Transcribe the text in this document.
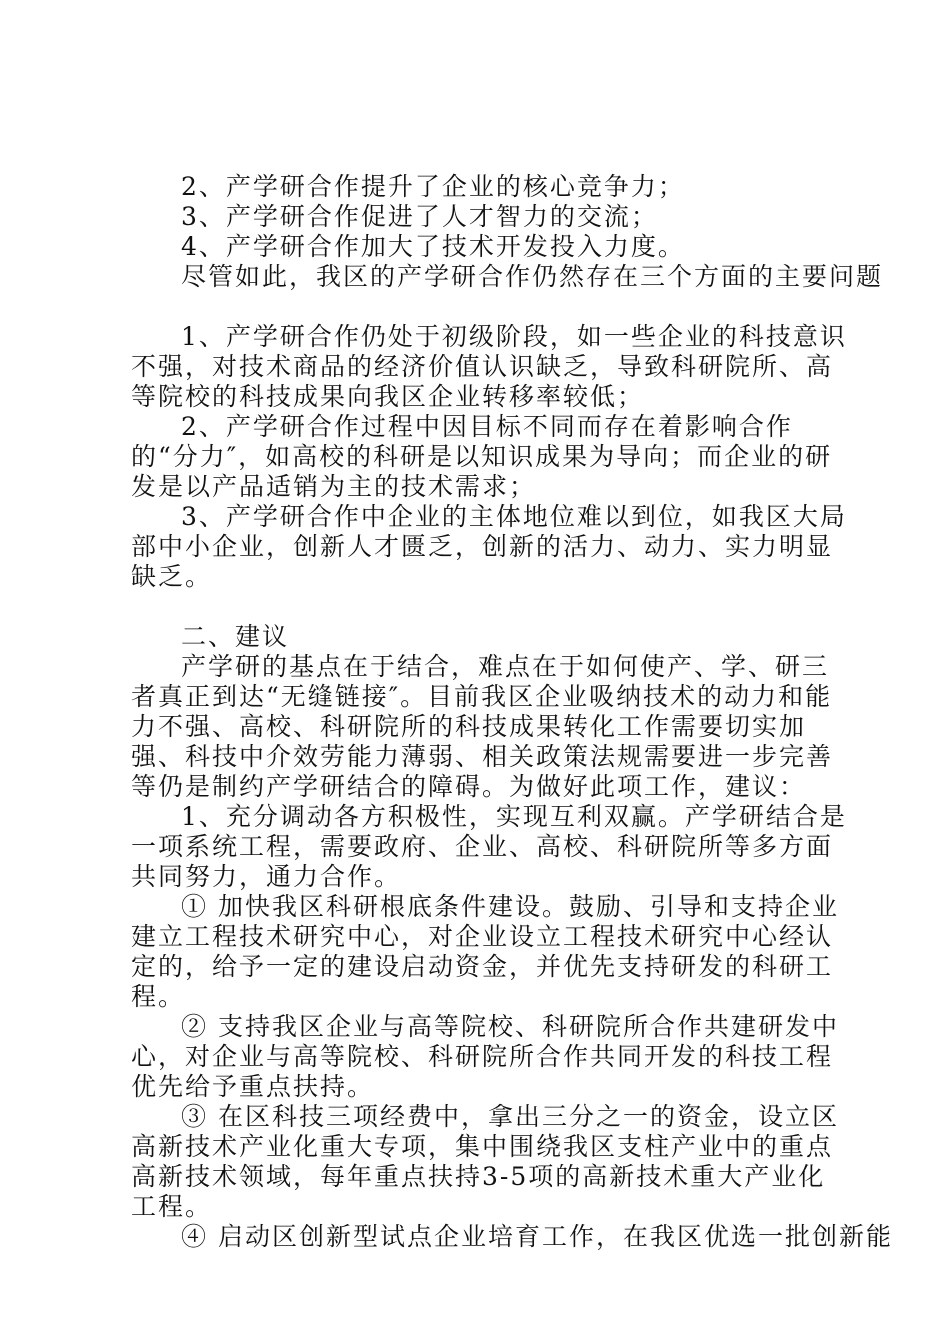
2、产学研合作提升了企业的核心竞争力；

3、产学研合作促进了人才智力的交流；

4、产学研合作加大了技术开发投入力度。

尽管如此，我区的产学研合作仍然存在三个方面的主要问题

1、产学研合作仍处于初级阶段，如一些企业的科技意识不强，对技术商品的经济价值认识缺乏，导致科研院所、高等院校的科技成果向我区企业转移率较低；

2、产学研合作过程中因目标不同而存在着影响合作的“分力″，如高校的科研是以知识成果为导向；而企业的研发是以产品适销为主的技术需求；

3、产学研合作中企业的主体地位难以到位，如我区大局部中小企业，创新人才匮乏，创新的活力、动力、实力明显缺乏。

二、建议

产学研的基点在于结合，难点在于如何使产、学、研三者真正到达“无缝链接″。目前我区企业吸纳技术的动力和能力不强、高校、科研院所的科技成果转化工作需要切实加强、科技中介效劳能力薄弱、相关政策法规需要进一步完善等仍是制约产学研结合的障碍。为做好此项工作，建议：

1、充分调动各方积极性，实现互利双赢。产学研结合是一项系统工程，需要政府、企业、高校、科研院所等多方面共同努力，通力合作。

① 加快我区科研根底条件建设。鼓励、引导和支持企业建立工程技术研究中心，对企业设立工程技术研究中心经认定的，给予一定的建设启动资金，并优先支持研发的科研工程。

② 支持我区企业与高等院校、科研院所合作共建研发中心，对企业与高等院校、科研院所合作共同开发的科技工程优先给予重点扶持。

③ 在区科技三项经费中，拿出三分之一的资金，设立区高新技术产业化重大专项，集中围绕我区支柱产业中的重点高新技术领域，每年重点扶持3-5项的高新技术重大产业化工程。

④ 启动区创新型试点企业培育工作，在我区优选一批创新能
